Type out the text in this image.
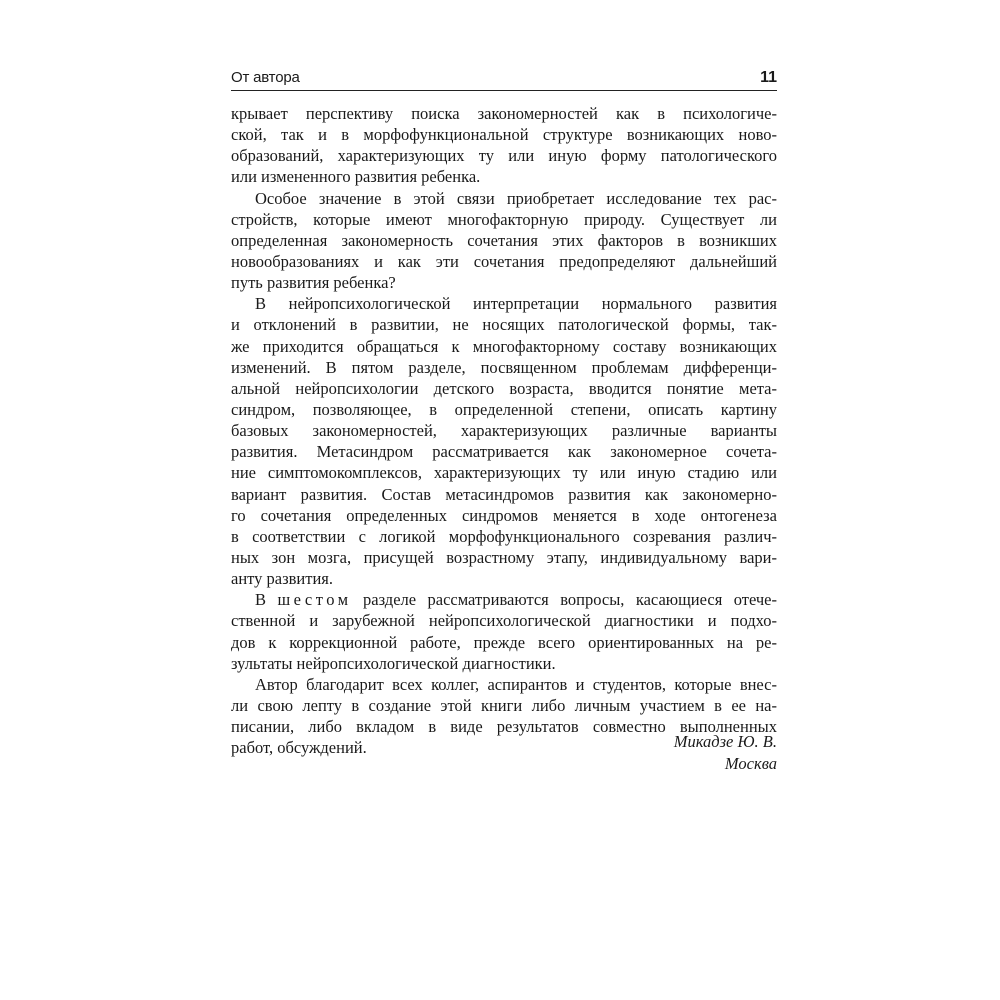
От автора	11
крывает перспективу поиска закономерностей как в психологиче-
ской, так и в морфофункциональной структуре возникающих ново-
образований, характеризующих ту или иную форму патологического
или измененного развития ребенка.
Особое значение в этой связи приобретает исследование тех рас-
стройств, которые имеют многофакторную природу. Существует ли
определенная закономерность сочетания этих факторов в возникших
новообразованиях и как эти сочетания предопределяют дальнейший
путь развития ребенка?
В нейропсихологической интерпретации нормального развития
и отклонений в развитии, не носящих патологической формы, так-
же приходится обращаться к многофакторному составу возникающих
изменений. В пятом разделе, посвященном проблемам дифференци-
альной нейропсихологии детского возраста, вводится понятие мета-
синдром, позволяющее, в определенной степени, описать картину
базовых закономерностей, характеризующих различные варианты
развития. Метасиндром рассматривается как закономерное сочета-
ние симптомокомплексов, характеризующих ту или иную стадию или
вариант развития. Состав метасиндромов развития как закономерно-
го сочетания определенных синдромов меняется в ходе онтогенеза
в соответствии с логикой морфофункционального созревания различ-
ных зон мозга, присущей возрастному этапу, индивидуальному вари-
анту развития.
В шестом разделе рассматриваются вопросы, касающиеся отече-
ственной и зарубежной нейропсихологической диагностики и подхо-
дов к коррекционной работе, прежде всего ориентированных на ре-
зультаты нейропсихологической диагностики.
Автор благодарит всех коллег, аспирантов и студентов, которые внес-
ли свою лепту в создание этой книги либо личным участием в ее на-
писании, либо вкладом в виде результатов совместно выполненных
работ, обсуждений.	Микадзе Ю. В.
Москва
